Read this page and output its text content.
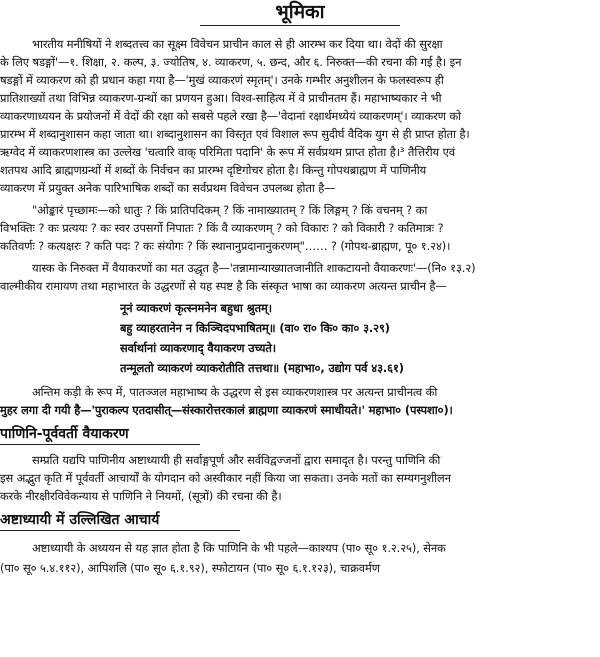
भूमिका
भारतीय मनीषियों ने शब्दतत्त्व का सूक्ष्म विवेचन प्राचीन काल से ही आरम्भ कर दिया था। वेदों की सुरक्षा
के लिए षडङ्गों'—१. शिक्षा, २. कल्प, ३. ज्योतिष, ४. व्याकरण, ५. छन्द, और ६. निरुक्त—की रचना की गई है। इन
षडङ्गों में व्याकरण को ही प्रधान कहा गया है—'मुखं व्याकरणं स्मृतम्'। उनके गम्भीर अनुशीलन के फलस्वरूप ही
प्रातिशाख्यों तथा विभिन्न व्याकरण-ग्रन्थों का प्रणयन हुआ। विश्व-साहित्य में वे प्राचीनतम हैं। महाभाष्यकार ने भी
व्याकरणाध्ययन के प्रयोजनों में वेदों की रक्षा को सबसे पहले रखा है—'वेदानां रक्षार्थमध्येयं व्याकरणम्'। व्याकरण को
प्रारम्भ में शब्दानुशासन कहा जाता था। शब्दानुशासन का विस्तृत एवं विशाल रूप सुदीर्घ वैदिक युग से ही प्राप्त होता है।
ऋग्वेद में व्याकरणशास्त्र का उल्लेख 'चत्वारि वाक् परिमिता पदानि' के रूप में सर्वप्रथम प्राप्त होता है।³ तैत्तिरीय एवं
शतपथ आदि ब्राह्मणग्रन्थों में शब्दों के निर्वचन का प्रारम्भ दृष्टिगोचर होता है। किन्तु गोपथब्राह्मण में पाणिनीय
व्याकरण में प्रयुक्त अनेक पारिभाषिक शब्दों का सर्वप्रथम विवेचन उपलब्ध होता है—
"ओङ्कारं पृच्छामः—को धातुः ? किं प्रातिपदिकम् ? किं नामाख्यातम् ? किं लिङ्गम् ? किं वचनम् ? का
विभक्तिः ? कः प्रत्ययः ? कः स्वर उपसर्गो निपातः ? किं वै व्याकरणम् ? को विकारः ? को विकारी ? कतिमात्रः ?
कतिवर्णः ? कत्यक्षरः ? कति पदः ? कः संयोगः ? किं स्थानानुप्रदानानुकरणम्"…… ? (गोपथ-ब्राह्मण, पू० १.२४)।
यास्क के निरुक्त में वैयाकरणों का मत उद्धृत है—'तन्नामान्याख्यातजानीति शाकटायनो वैयाकरणः'—(नि० १३.२)
वाल्मीकीय रामायण तथा महाभारत के उद्धरणों से यह स्पष्ट है कि संस्कृत भाषा का व्याकरण अत्यन्त प्राचीन है—
नूनं व्याकरणं कृत्स्नमनेन बहुधा श्रुतम्।
बहु व्याहरतानेन न किञ्चिदपभाषितम्॥ (वा० रा० कि० का० ३.२९)
सर्वार्थानां व्याकरणाद् वैयाकरण उच्यते।
तन्मूलतो व्याकरणं व्याकरोतीति तत्तथा॥ (महाभा०, उद्योग पर्व ४३.६१)
अन्तिम कड़ी के रूप में, पातञ्जल महाभाष्य के उद्धरण से इस व्याकरणशास्त्र पर अत्यन्त प्राचीनत्व की
मुहर लगा दी गयी है—'पुराकल्प एतदासीत्—संस्कारोत्तरकालं ब्राह्मणा व्याकरणं स्माधीयते।' महाभा० (पस्पशा०)।
पाणिनि-पूर्ववर्ती वैयाकरण
सम्प्रति यद्यपि पाणिनीय अष्टाध्यायी ही सर्वाङ्गपूर्ण और सर्वविद्वज्जनों द्वारा समादृत है। परन्तु पाणिनि की
इस अद्भुत कृति में पूर्ववर्ती आचार्यों के योगदान को अस्वीकार नहीं किया जा सकता। उनके मतों का सम्यगनुशीलन
करके नीरक्षीरविवेकन्याय से पाणिनि ने नियमों, (सूत्रों) की रचना की है।
अष्टाध्यायी में उल्लिखित आचार्य
अष्टाध्यायी के अध्ययन से यह ज्ञात होता है कि पाणिनि के भी पहले—काश्यप (पा० सू० १.२.२५), सेनक
(पा० सू० ५.४.११२), आपिशलि (पा० सू० ६.१.९२), स्फोटायन (पा० सू० ६.१.१२३), चाक्रवर्मण
